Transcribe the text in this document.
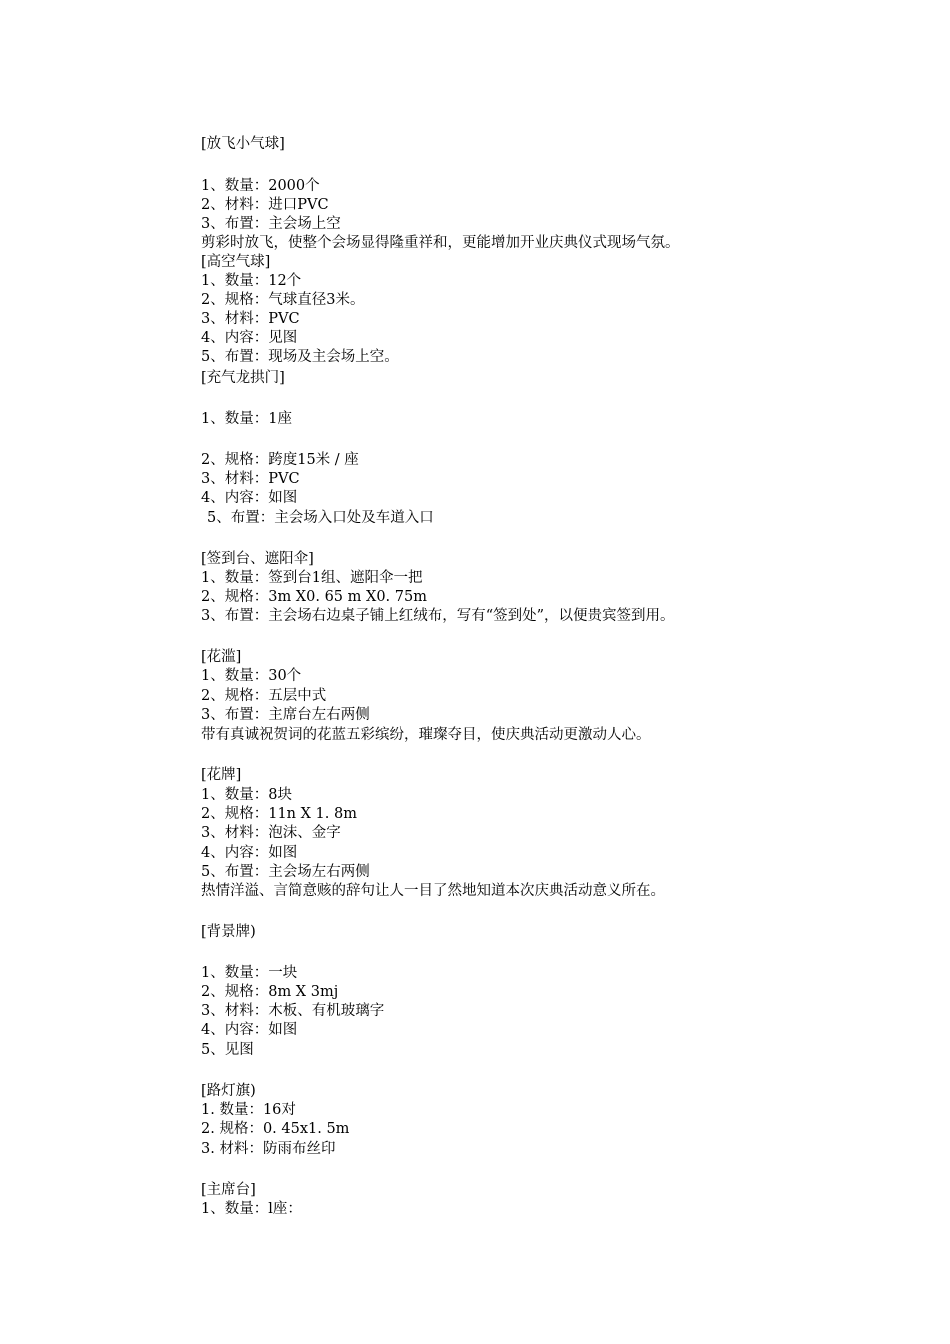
[放飞小气球]

1、数量：2000个

2、材料：进口PVC

3、布置：主会场上空

剪彩时放飞，使整个会场显得隆重祥和，更能增加开业庆典仪式现场气氛。

[高空气球]

1、数量：12个

2、规格：气球直径3米。

3、材料：PVC

4、内容：见图

5、布置：现场及主会场上空。

[充气龙拱门]

1、数量：1座

2、规格：跨度15米 / 座

3、材料：PVC

4、内容：如图

5、布置：主会场入口处及车道入口

[签到台、遮阳伞]

1、数量：签到台1组、遮阳伞一把

2、规格：3m X0. 65 m X0. 75m

3、布置：主会场右边桌子铺上红绒布，写有“签到处”，以便贵宾签到用。

[花滥]

1、数量：30个

2、规格：五层中式

3、布置：主席台左右两侧

带有真诚祝贺词的花蓝五彩缤纷，璀璨夺目，使庆典活动更激动人心。

[花牌]

1、数量：8块

2、规格：11n X 1. 8m

3、材料：泡沫、金字

4、内容：如图

5、布置：主会场左右两侧

热情洋溢、言简意赅的辞句让人一目了然地知道本次庆典活动意义所在。

[背景牌)

1、数量：一块

2、规格：8m X 3mj

3、材料：木板、有机玻璃字

4、内容：如图

5、见图

[路灯旗)

1. 数量：16对

2. 规格：0. 45x1. 5m

3. 材料：防雨布丝印

[主席台]

1、数量：l座：
